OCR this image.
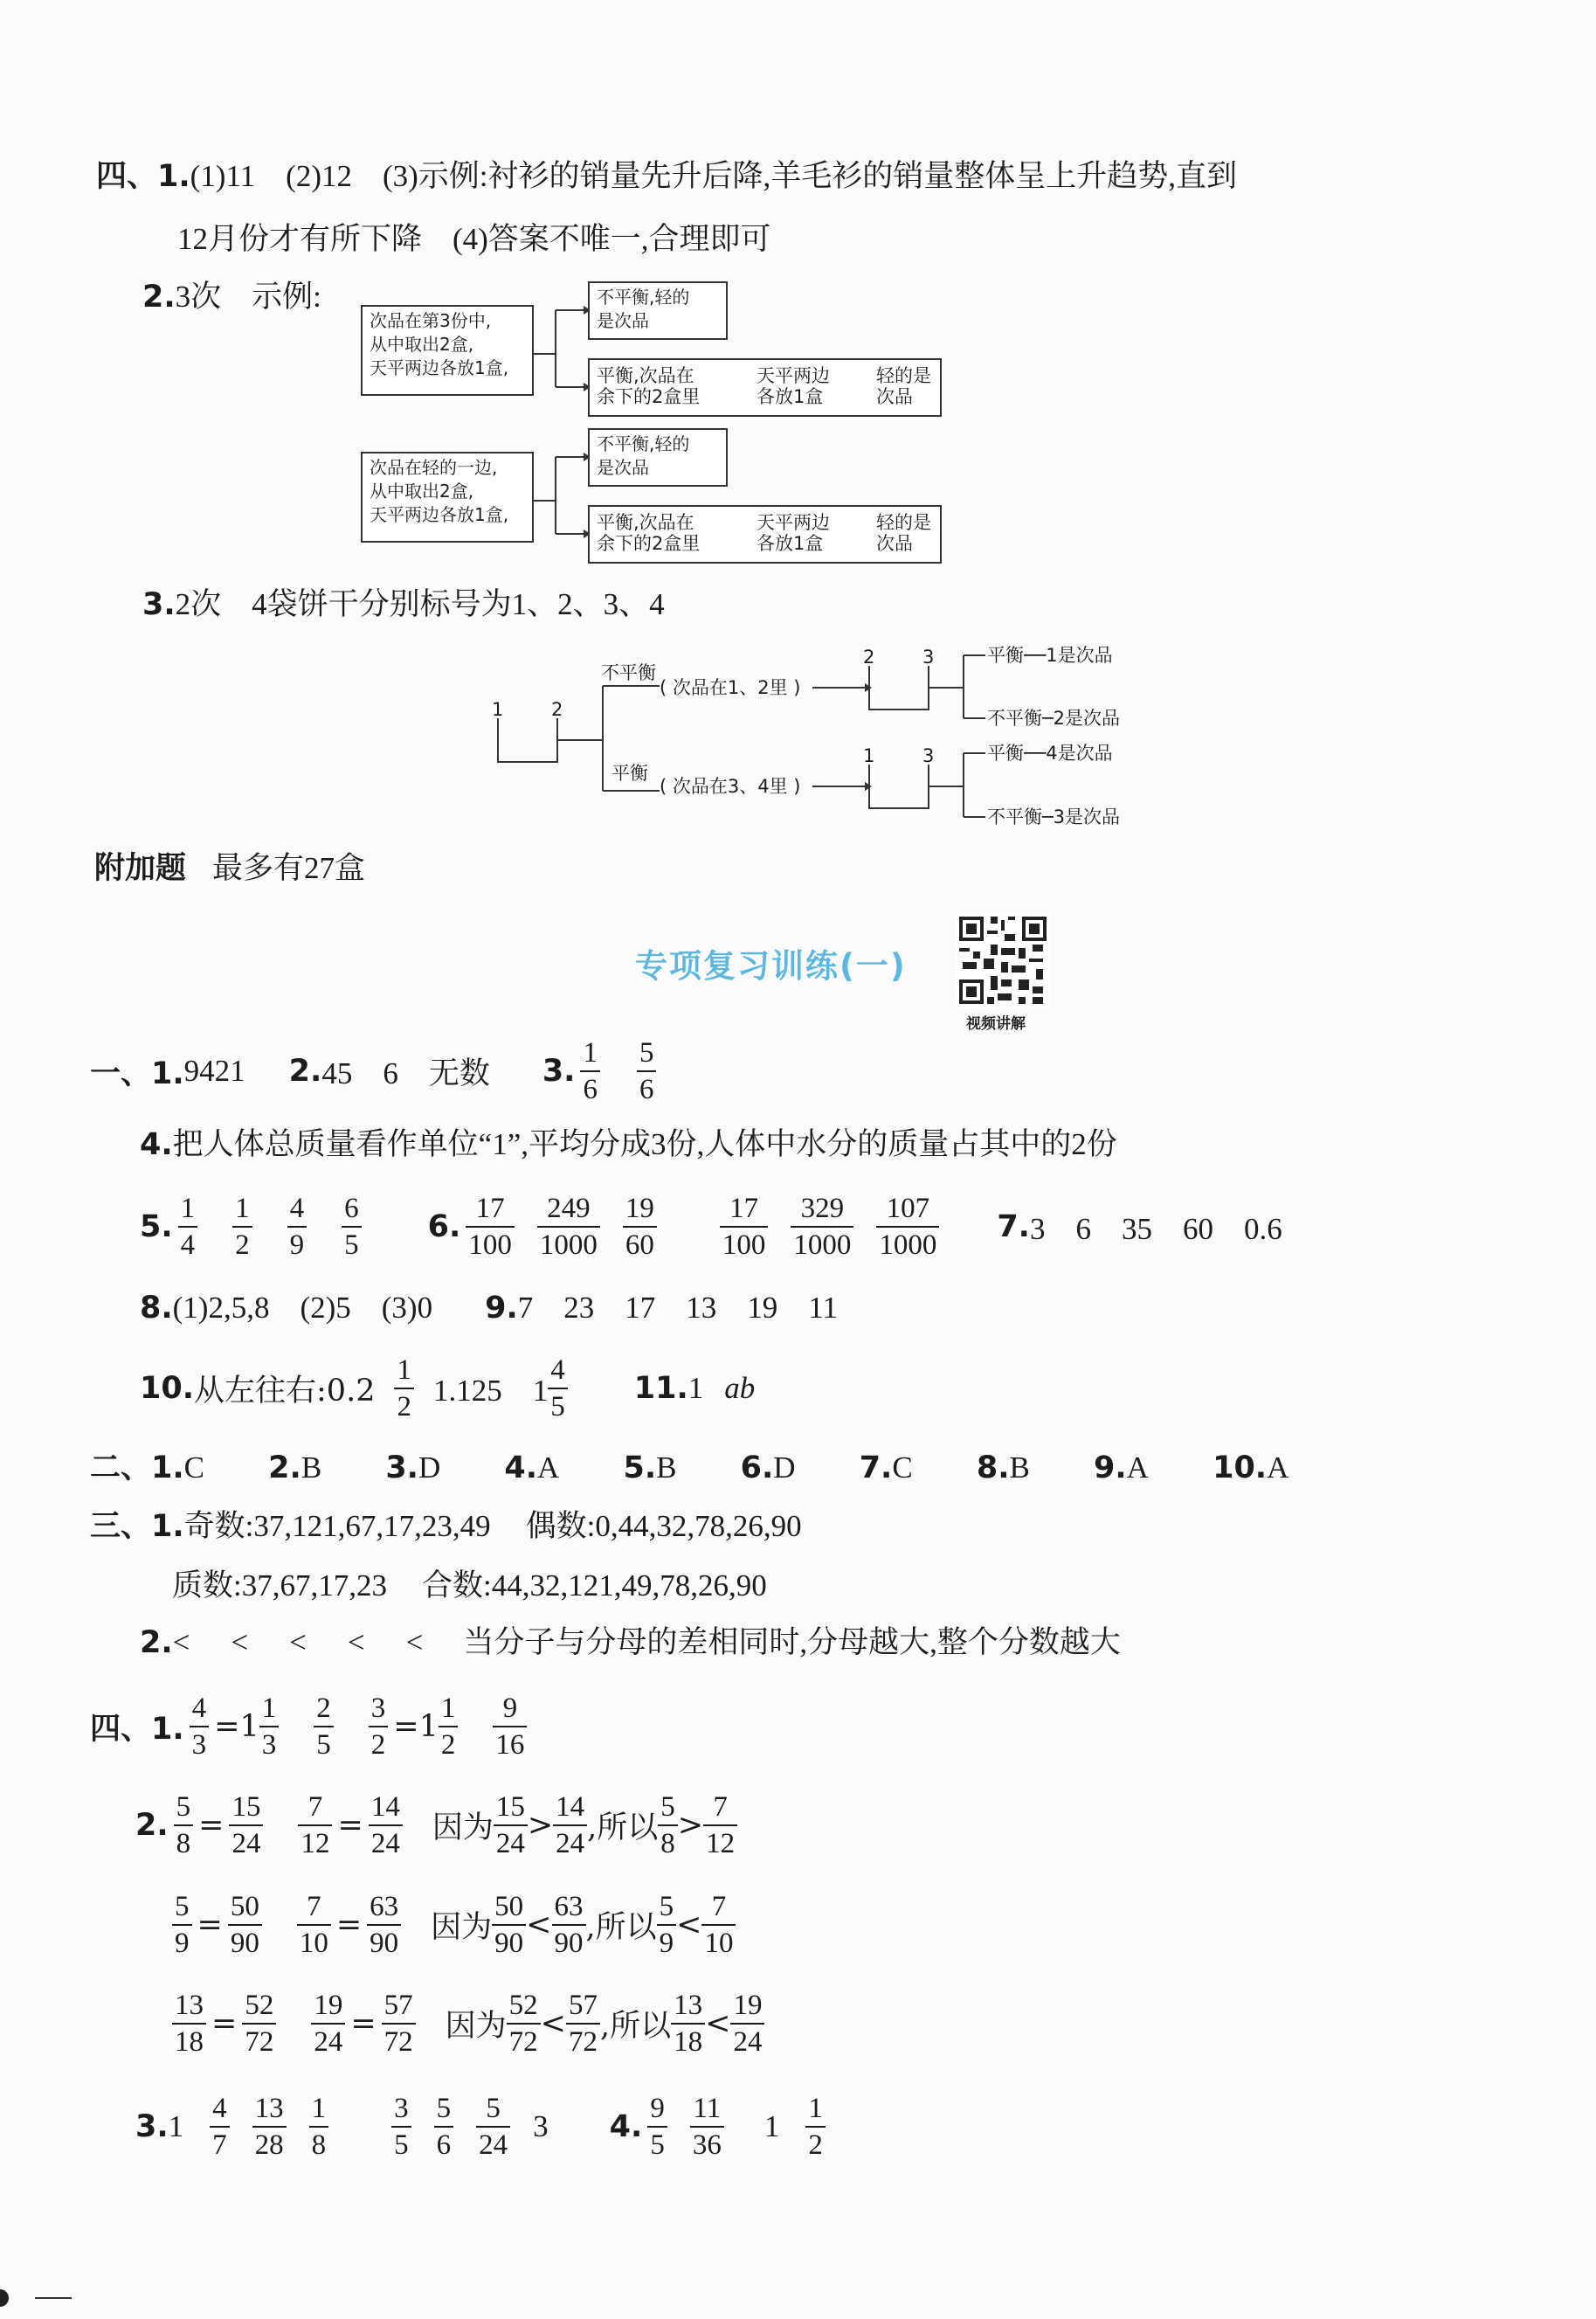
四、1.(1)11　(2)12　(3)示例:衬衫的销量先升后降,羊毛衫的销量整体呈上升趋势,直到
12月份才有所下降　(4)答案不唯一,合理即可
2.3次　示例:
次品在第3份中,
从中取出2盒,
天平两边各放1盒,
不平衡,轻的
是次品
平衡,次品在
余下的2盒里
天平两边
各放1盒
轻的是
次品
次品在轻的一边,
从中取出2盒,
天平两边各放1盒,
不平衡,轻的
是次品
平衡,次品在
余下的2盒里
天平两边
各放1盒
轻的是
次品
3.2次　4袋饼干分别标号为1、2、3、4
1	2
不平衡
( 次品在1、2里 )
平衡
( 次品在3、4里 )
2	3
1	3
平衡──1是次品
不平衡─2是次品
平衡──4是次品
不平衡─3是次品
附加题 最多有27盒
专项复习训练(一)
视频讲解
一、1. 9421 2. 45　6　无数 3.
1
6
5
6
4.把人体总质量看作单位“1”,平均分成3份,人体中水分的质量占其中的2份
5.
1
4
1
2
4
9
6
5
6.
17
100
249
1000
19
60
17
100
329
1000
107
1000
7. 3　6　35　60　0.6
8.(1)2,5,8　(2)5　(3)0 9.7　23　17　13　19　11
10. 从左往右:0.2
1
2 1.125　1
4
5
11. 1 ab
二、1.C 2.B 3.D 4.A 5.B 6.D 7.C 8.B 9.A 10.A
三、1.奇数:37,121,67,17,23,49 偶数:0,44,32,78,26,90
质数:37,67,17,23 合数:44,32,121,49,78,26,90
2.<　<　<　<　< 当分子与分母的差相同时,分母越大,整个分数越大
四、1. $\frac{4}{3} = 1$
1
3
2
$5 \frac{3}{2} = 1$
1
2
9
16
2. $\frac{5}{8} = \frac{15}{24} \frac{7}{12} = \frac{14}{24}$ 因为
15
24
>
14
24 ,所以
5
8
>
7
12
$\frac{5}{9} = \frac{50}{90} \frac{7}{10} = \frac{63}{90}$ 因为
50
90
<
63
90 ,所以
5
9
<
7
10
$\frac{13}{18} = \frac{52}{72} \frac{19}{24} = \frac{57}{72}$ 因为
52
72
<
57
72 ,所以
13
18
<
19
24
3. 1
4
7
13
28
1
8
3
5
5
6
5
24
3 4.
9
5
11
36
1
1
2
